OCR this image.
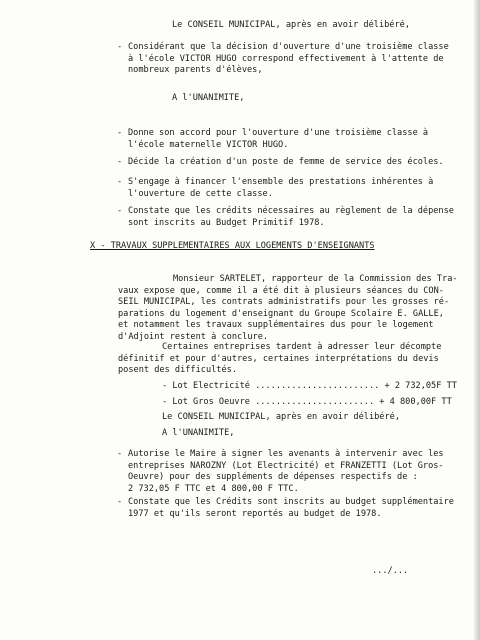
Le CONSEIL MUNICIPAL, après en avoir délibéré,
- Considérant que la décision d'ouverture d'une troisième classe
à l'école VICTOR HUGO correspond effectivement à l'attente de
nombreux parents d'élèves,
A l'UNANIMITE,
- Donne son accord pour l'ouverture d'une troisième classe à
l'école maternelle VICTOR HUGO.
- Décide la création d'un poste de femme de service des écoles.
- S'engage à financer l'ensemble des prestations inhérentes à
l'ouverture de cette classe.
- Constate que les crédits nécessaires au règlement de la dépense
sont inscrits au Budget Primitif 1978.
X - TRAVAUX SUPPLEMENTAIRES AUX LOGEMENTS D'ENSEIGNANTS
Monsieur SARTELET, rapporteur de la Commission des Tra-
vaux expose que, comme il a été dit à plusieurs séances du CON-
SEIL MUNICIPAL, les contrats administratifs pour les grosses ré-
parations du logement d'enseignant du Groupe Scolaire E. GALLE,
et notamment les travaux supplémentaires dus pour le logement
d'Adjoint restent à conclure.
Certaines entreprises tardent à adresser leur décompte
définitif et pour d'autres, certaines interprétations du devis
posent des difficultés.
- Lot Electricité ........................ + 2 732,05F TT
- Lot Gros Oeuvre ....................... + 4 800,00F TT
Le CONSEIL MUNICIPAL, après en avoir délibéré,
A l'UNANIMITE,
- Autorise le Maire à signer les avenants à intervenir avec les
entreprises NAROZNY (Lot Electricité) et FRANZETTI (Lot Gros-
Oeuvre) pour des suppléments de dépenses respectifs de :
2 732,05 F TTC et 4 800,00 F TTC.
- Constate que les Crédits sont inscrits au budget supplémentaire
1977 et qu'ils seront reportés au budget de 1978.
.../...
